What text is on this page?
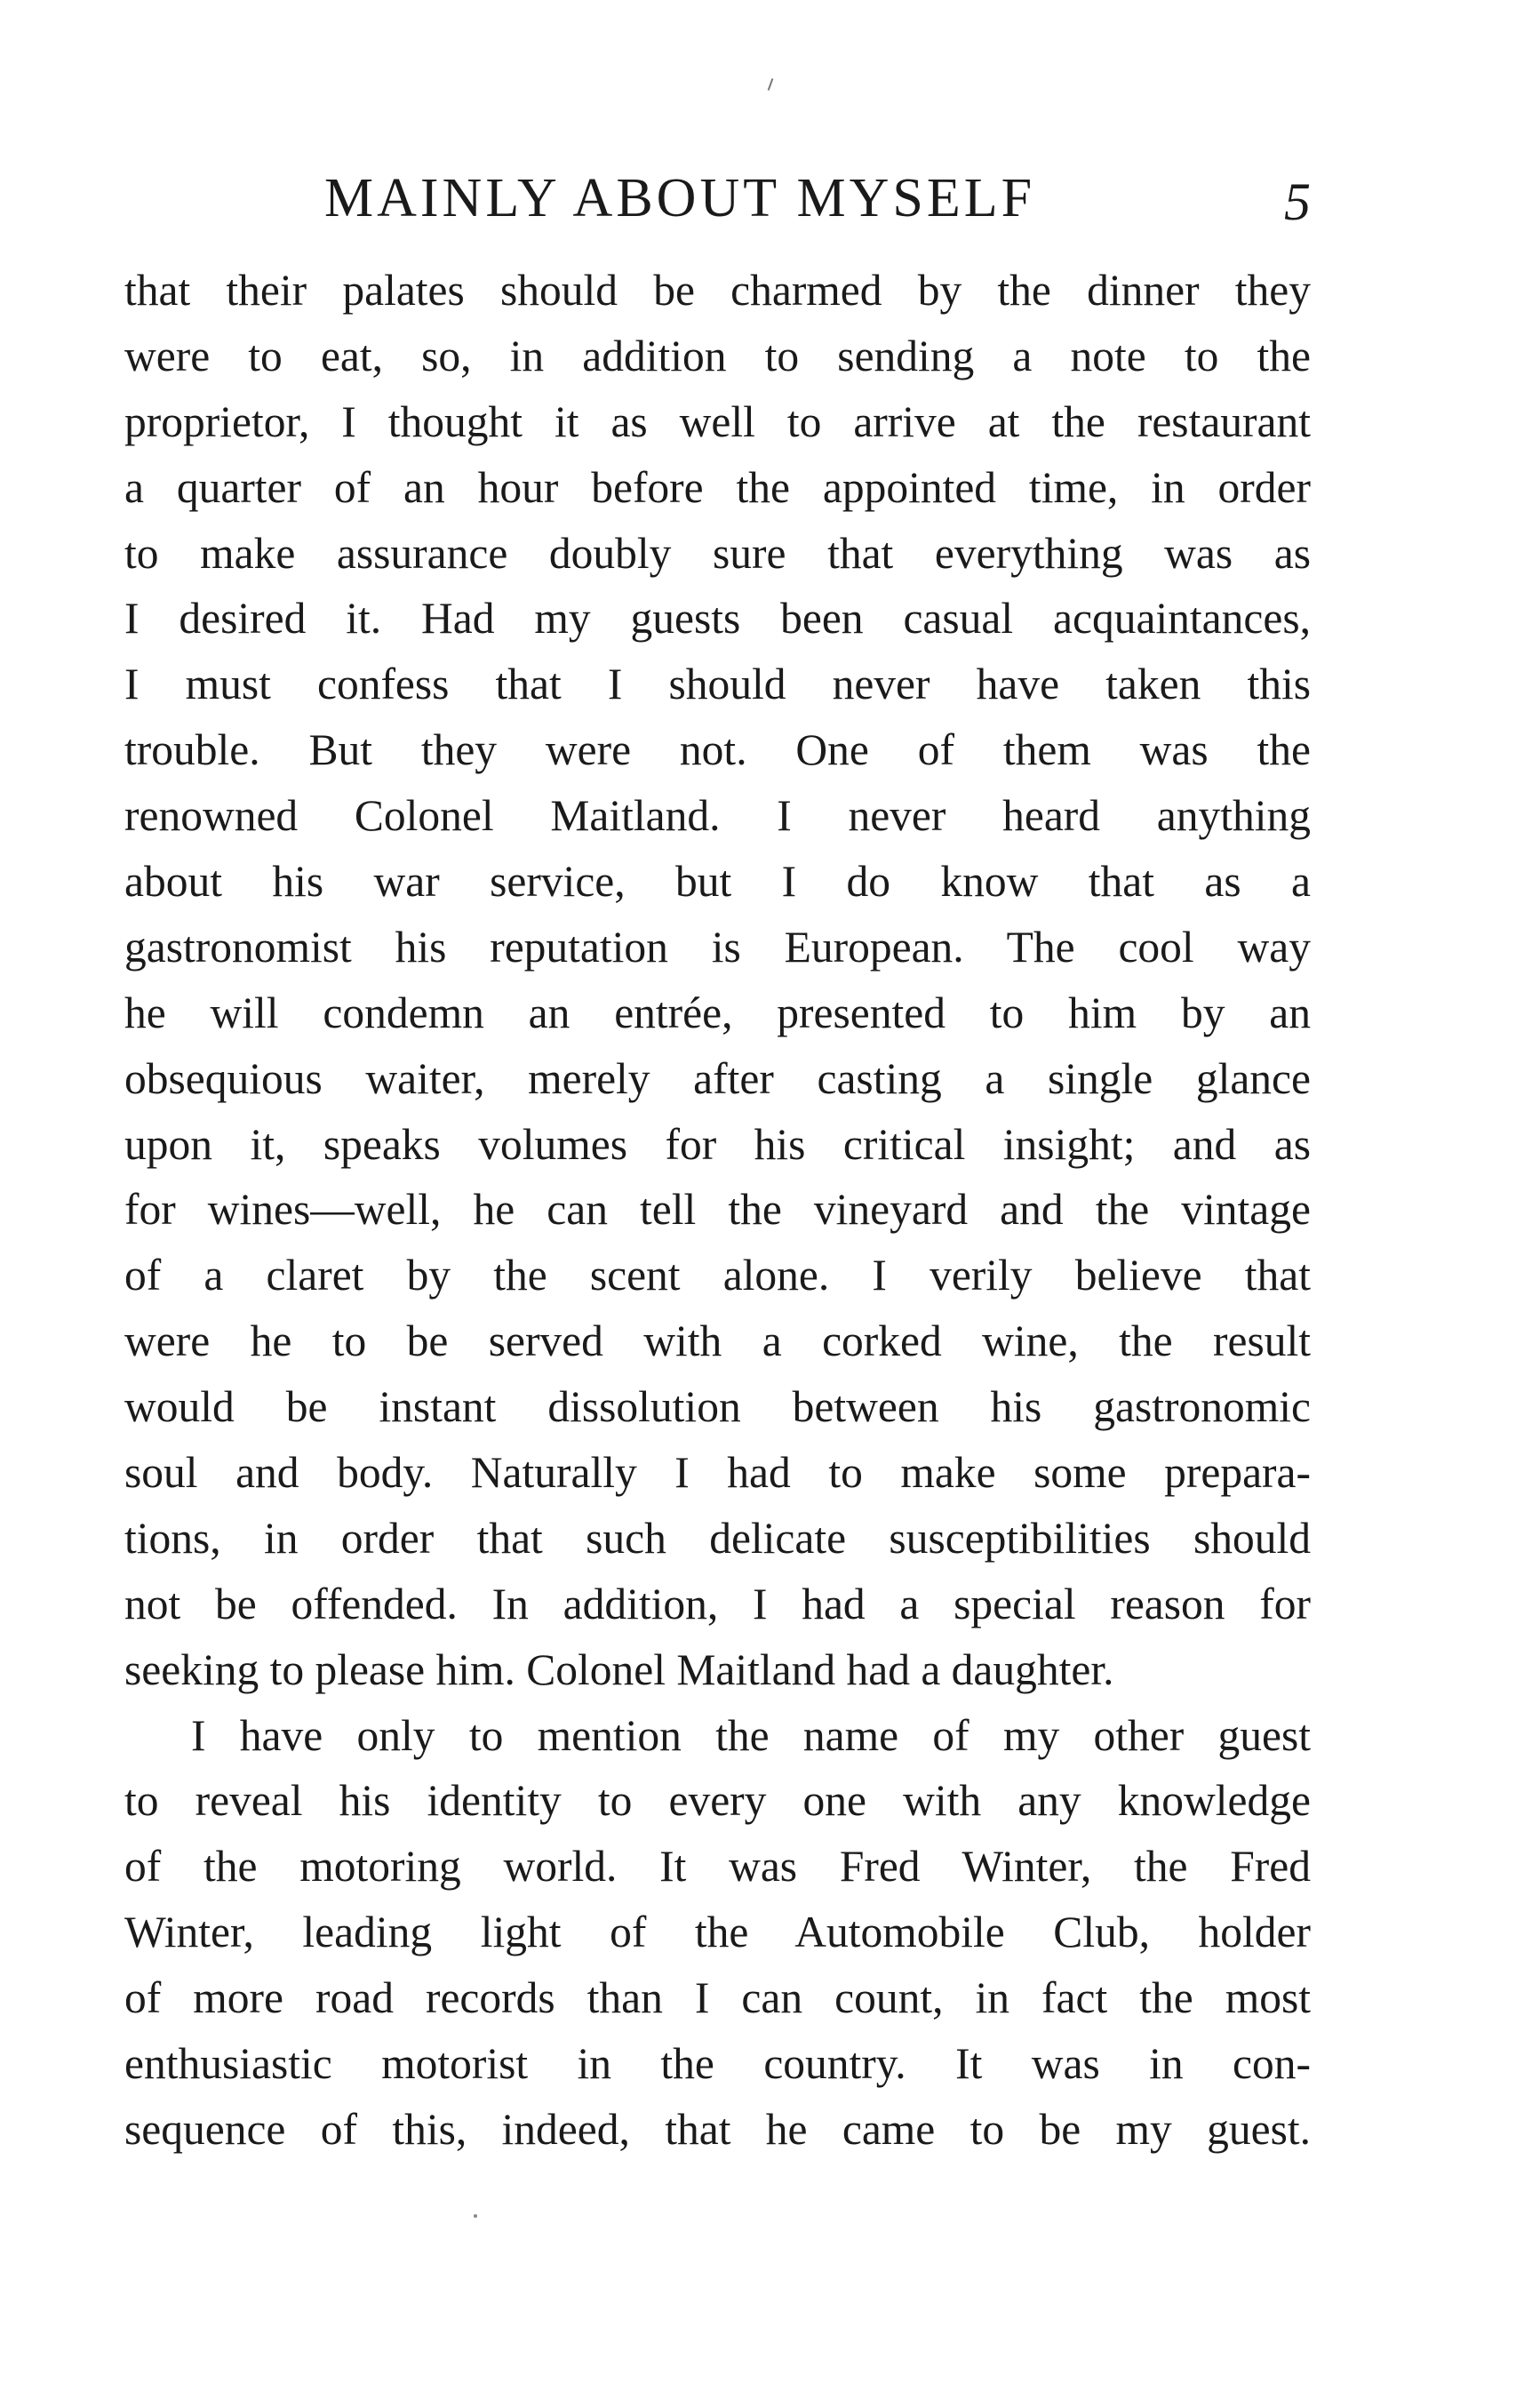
MAINLY ABOUT MYSELF	5
that their palates should be charmed by the dinner they
were to eat, so, in addition to sending a note to the
proprietor, I thought it as well to arrive at the restaurant
a quarter of an hour before the appointed time, in order
to make assurance doubly sure that everything was as
I desired it. Had my guests been casual acquaintances,
I must confess that I should never have taken this
trouble. But they were not. One of them was the
renowned Colonel Maitland. I never heard anything
about his war service, but I do know that as a
gastronomist his reputation is European. The cool way
he will condemn an entrée, presented to him by an
obsequious waiter, merely after casting a single glance
upon it, speaks volumes for his critical insight; and as
for wines—well, he can tell the vineyard and the vintage
of a claret by the scent alone. I verily believe that
were he to be served with a corked wine, the result
would be instant dissolution between his gastronomic
soul and body. Naturally I had to make some prepara-
tions, in order that such delicate susceptibilities should
not be offended. In addition, I had a special reason for
seeking to please him. Colonel Maitland had a daughter.
I have only to mention the name of my other guest
to reveal his identity to every one with any knowledge
of the motoring world. It was Fred Winter, the Fred
Winter, leading light of the Automobile Club, holder
of more road records than I can count, in fact the most
enthusiastic motorist in the country. It was in con-
sequence of this, indeed, that he came to be my guest.
